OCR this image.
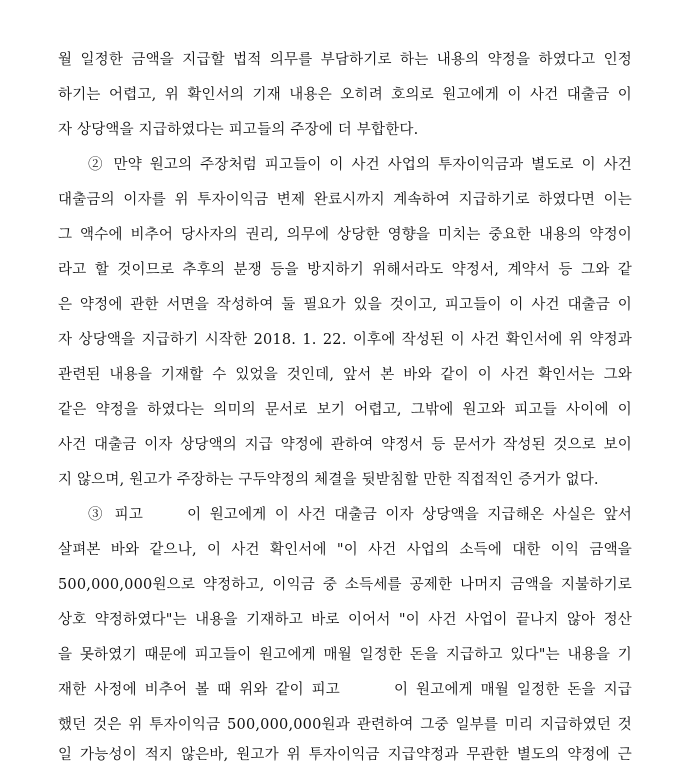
월 일정한 금액을 지급할 법적 의무를 부담하기로 하는 내용의 약정을 하였다고 인정
하기는 어렵고, 위 확인서의 기재 내용은 오히려 호의로 원고에게 이 사건 대출금 이
자 상당액을 지급하였다는 피고들의 주장에 더 부합한다.
② 만약 원고의 주장처럼 피고들이 이 사건 사업의 투자이익금과 별도로 이 사건
대출금의 이자를 위 투자이익금 변제 완료시까지 계속하여 지급하기로 하였다면 이는
그 액수에 비추어 당사자의 권리, 의무에 상당한 영향을 미치는 중요한 내용의 약정이
라고 할 것이므로 추후의 분쟁 등을 방지하기 위해서라도 약정서, 계약서 등 그와 같
은 약정에 관한 서면을 작성하여 둘 필요가 있을 것이고, 피고들이 이 사건 대출금 이
자 상당액을 지급하기 시작한 2018. 1. 22. 이후에 작성된 이 사건 확인서에 위 약정과
관련된 내용을 기재할 수 있었을 것인데, 앞서 본 바와 같이 이 사건 확인서는 그와
같은 약정을 하였다는 의미의 문서로 보기 어렵고, 그밖에 원고와 피고들 사이에 이
사건 대출금 이자 상당액의 지급 약정에 관하여 약정서 등 문서가 작성된 것으로 보이
지 않으며, 원고가 주장하는 구두약정의 체결을 뒷받침할 만한 직접적인 증거가 없다.
③ 피고	이 원고에게 이 사건 대출금 이자 상당액을 지급해온 사실은 앞서
살펴본 바와 같으나, 이 사건 확인서에 "이 사건 사업의 소득에 대한 이익 금액을
500,000,000원으로 약정하고, 이익금 중 소득세를 공제한 나머지 금액을 지불하기로
상호 약정하였다"는 내용을 기재하고 바로 이어서 "이 사건 사업이 끝나지 않아 정산
을 못하였기 때문에 피고들이 원고에게 매월 일정한 돈을 지급하고 있다"는 내용을 기
재한 사정에 비추어 볼 때 위와 같이 피고	이 원고에게 매월 일정한 돈을 지급
했던 것은 위 투자이익금 500,000,000원과 관련하여 그중 일부를 미리 지급하였던 것
일 가능성이 적지 않은바, 원고가 위 투자이익금 지급약정과 무관한 별도의 약정에 근
